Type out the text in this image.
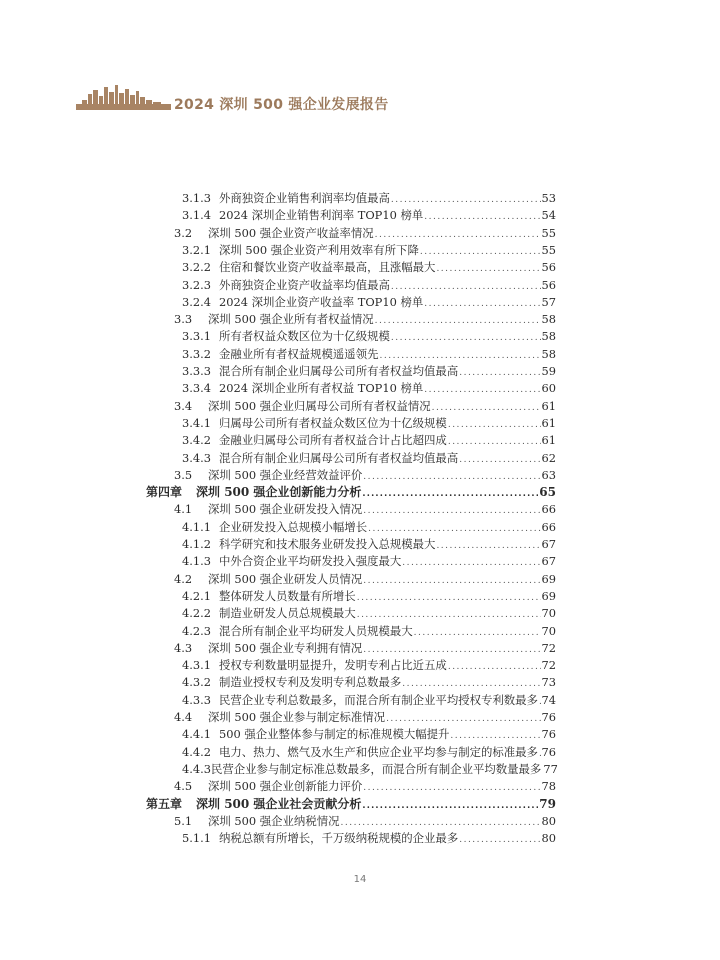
2024 深圳 500 强企业发展报告
3.1.3 外商独资企业销售利润率均值最高 .....	53
3.1.4 2024 深圳企业销售利润率 TOP10 榜单 .....	54
3.2	深圳 500 强企业资产收益率情况 .....	55
3.2.1 深圳 500 强企业资产利用效率有所下降 .....	55
3.2.2 住宿和餐饮业资产收益率最高，且涨幅最大 .....	56
3.2.3 外商独资企业资产收益率均值最高 .....	56
3.2.4 2024 深圳企业资产收益率 TOP10 榜单 .....	57
3.3	深圳 500 强企业所有者权益情况 .....	58
3.3.1 所有者权益众数区位为十亿级规模 .....	58
3.3.2 金融业所有者权益规模遥遥领先 .....	58
3.3.3 混合所有制企业归属母公司所有者权益均值最高 .....	59
3.3.4 2024 深圳企业所有者权益 TOP10 榜单 .....	60
3.4	深圳 500 强企业归属母公司所有者权益情况 .....	61
3.4.1 归属母公司所有者权益众数区位为十亿级规模 .....	61
3.4.2 金融业归属母公司所有者权益合计占比超四成 .....	61
3.4.3 混合所有制企业归属母公司所有者权益均值最高 .....	62
3.5	深圳 500 强企业经营效益评价 .....	63
第四章 深圳 500 强企业创新能力分析 .....	65
4.1	深圳 500 强企业研发投入情况 .....	66
4.1.1 企业研发投入总规模小幅增长 .....	66
4.1.2 科学研究和技术服务业研发投入总规模最大 .....	67
4.1.3 中外合资企业平均研发投入强度最大 .....	67
4.2	深圳 500 强企业研发人员情况 .....	69
4.2.1 整体研发人员数量有所增长 .....	69
4.2.2 制造业研发人员总规模最大 .....	70
4.2.3 混合所有制企业平均研发人员规模最大 .....	70
4.3	深圳 500 强企业专利拥有情况 .....	72
4.3.1 授权专利数量明显提升，发明专利占比近五成 .....	72
4.3.2 制造业授权专利及发明专利总数最多 .....	73
4.3.3 民营企业专利总数最多，而混合所有制企业平均授权专利数最多 ..... 74
4.4	深圳 500 强企业参与制定标准情况 .....	76
4.4.1 500 强企业整体参与制定的标准规模大幅提升 .....	76
4.4.2 电力、热力、燃气及水生产和供应企业平均参与制定的标准最多 ..... 76
4.4.3 民营企业参与制定标准总数最多，而混合所有制企业平均数量最多 77
4.5	深圳 500 强企业创新能力评价 .....	78
第五章 深圳 500 强企业社会贡献分析 .....	79
5.1	深圳 500 强企业纳税情况 .....	80
5.1.1 纳税总额有所增长，千万级纳税规模的企业最多 .....	80
14
